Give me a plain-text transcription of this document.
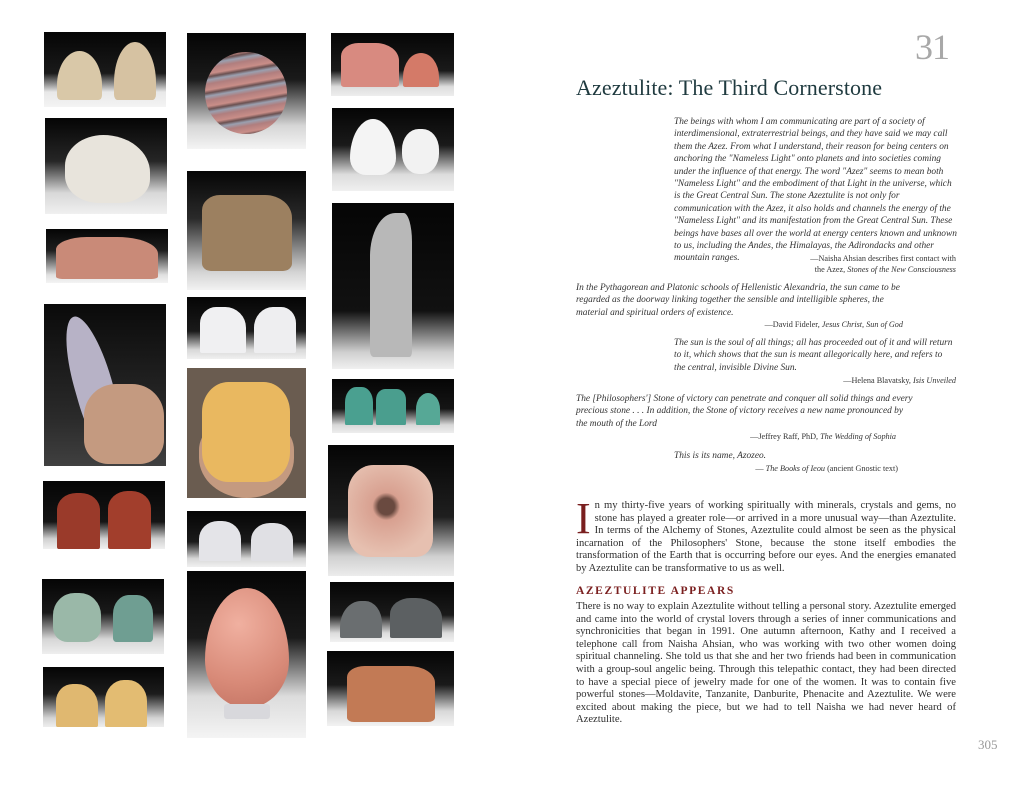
31
Azeztulite: The Third Cornerstone
The beings with whom I am communicating are part of a society of interdimensional, extraterrestrial beings, and they have said we may call them the Azez. From what I understand, their reason for being centers on anchoring the "Nameless Light" onto planets and into societies coming under the influence of that energy. The word "Azez" seems to mean both "Nameless Light" and the embodiment of that Light in the universe, which is the Great Central Sun. The stone Azeztulite is not only for communication with the Azez, it also holds and channels the energy of the "Nameless Light" and its manifestation from the Great Central Sun. These beings have bases all over the world at energy centers known and unknown to us, including the Andes, the Himalayas, the Adirondacks and other mountain ranges.	—Naisha Ahsian describes first contact with
the Azez, Stones of the New Consciousness
In the Pythagorean and Platonic schools of Hellenistic Alexandria, the sun came to be regarded as the doorway linking together the sensible and intelligible spheres, the material and spiritual orders of existence.
—David Fideler, Jesus Christ, Sun of God
The sun is the soul of all things; all has proceeded out of it and will return to it, which shows that the sun is meant allegorically here, and refers to the central, invisible Divine Sun.
—Helena Blavatsky, Isis Unveiled
The [Philosophers'] Stone of victory can penetrate and conquer all solid things and every precious stone . . . In addition, the Stone of victory receives a new name pronounced by the mouth of the Lord
—Jeffrey Raff, PhD, The Wedding of Sophia
This is its name, Azozeo.
— The Books of Ieou (ancient Gnostic text)
In my thirty-five years of working spiritually with minerals, crystals and gems, no stone has played a greater role—or arrived in a more unusual way—than Azeztulite. In terms of the Alchemy of Stones, Azeztulite could almost be seen as the physical incarnation of the Philosophers' Stone, because the stone itself embodies the transformation of the Earth that is occurring before our eyes. And the energies emanated by Azeztulite can be transformative to us as well.
AZEZTULITE APPEARS
There is no way to explain Azeztulite without telling a personal story. Azeztulite emerged and came into the world of crystal lovers through a series of inner communications and synchronicities that began in 1991. One autumn afternoon, Kathy and I received a telephone call from Naisha Ahsian, who was working with two other women doing spiritual channeling. She told us that she and her two friends had been in communication with a group-soul angelic being. Through this telepathic contact, they had been directed to have a special piece of jewelry made for one of the women. It was to contain five powerful stones—Moldavite, Tanzanite, Danburite, Phenacite and Azeztulite. We were excited about making the piece, but we had to tell Naisha we had never heard of Azeztulite.
305
